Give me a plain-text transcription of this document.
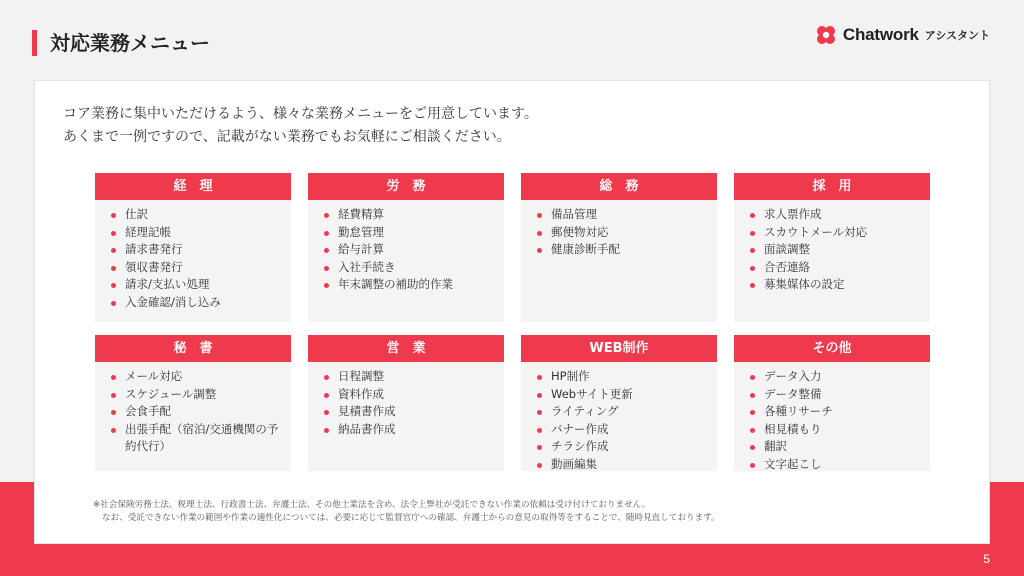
対応業務メニュー	Chatwork アシスタント
コア業務に集中いただけるよう、様々な業務メニューをご用意しています。
あくまで一例ですので、記載がない業務でもお気軽にご相談ください。
経　理
仕訳
経理記帳
請求書発行
領収書発行
請求/支払い処理
入金確認/消し込み
労　務
経費精算
勤怠管理
給与計算
入社手続き
年末調整の補助的作業
総　務
備品管理
郵便物対応
健康診断手配
採　用
求人票作成
スカウトメール対応
面談調整
合否連絡
募集媒体の設定
秘　書
メール対応
スケジュール調整
会食手配
出張手配（宿泊/交通機関の予約代行）
営　業
日程調整
資料作成
見積書作成
納品書作成
WEB制作
HP制作
Webサイト更新
ライティング
バナー作成
チラシ作成
動画編集
その他
データ入力
データ整備
各種リサーチ
相見積もり
翻訳
文字起こし
※社会保険労務士法、税理士法、行政書士法、弁護士法、その他士業法を含め、法令上弊社が受託できない作業の依頼は受け付けておりません。
なお、受託できない作業の範囲や作業の適性化については、必要に応じて監督官庁への確認、弁護士からの意見の取得等をすることで、随時見直しております。
5
